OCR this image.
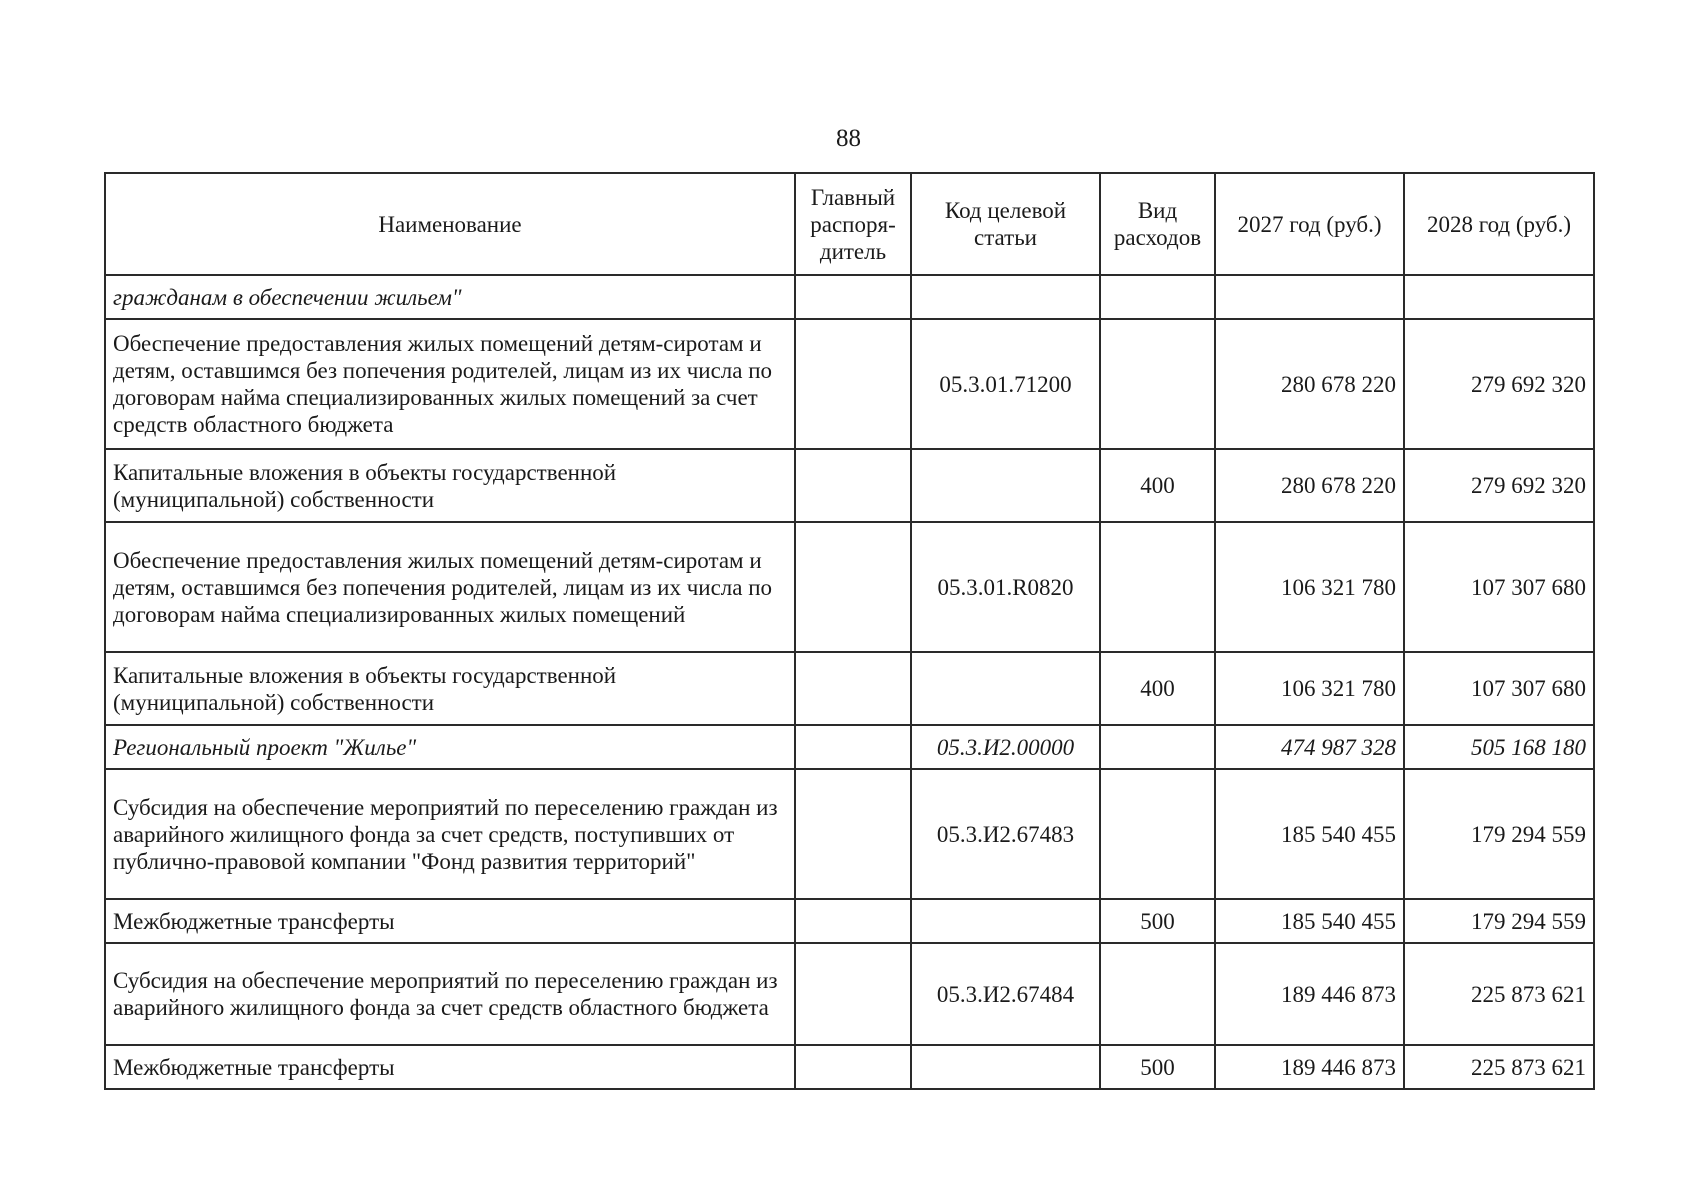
88
Наименование	Главный распоря-дитель	Код целевой статьи	Вид расходов	2027 год (руб.)	2028 год (руб.)
гражданам в обеспечении жильем"					
Обеспечение предоставления жилых помещений детям-сиротам и детям, оставшимся без попечения родителей, лицам из их числа по договорам найма специализированных жилых помещений за счет средств областного бюджета		05.3.01.71200		280 678 220	279 692 320
Капитальные вложения в объекты государственной (муниципальной) собственности			400	280 678 220	279 692 320
Обеспечение предоставления жилых помещений детям-сиротам и детям, оставшимся без попечения родителей, лицам из их числа по договорам найма специализированных жилых помещений		05.3.01.R0820		106 321 780	107 307 680
Капитальные вложения в объекты государственной (муниципальной) собственности			400	106 321 780	107 307 680
Региональный проект "Жилье"		05.3.И2.00000		474 987 328	505 168 180
Субсидия на обеспечение мероприятий по переселению граждан из аварийного жилищного фонда за счет средств, поступивших от публично-правовой компании "Фонд развития территорий"		05.3.И2.67483		185 540 455	179 294 559
Межбюджетные трансферты			500	185 540 455	179 294 559
Субсидия на обеспечение мероприятий по переселению граждан из аварийного жилищного фонда за счет средств областного бюджета		05.3.И2.67484		189 446 873	225 873 621
Межбюджетные трансферты			500	189 446 873	225 873 621
